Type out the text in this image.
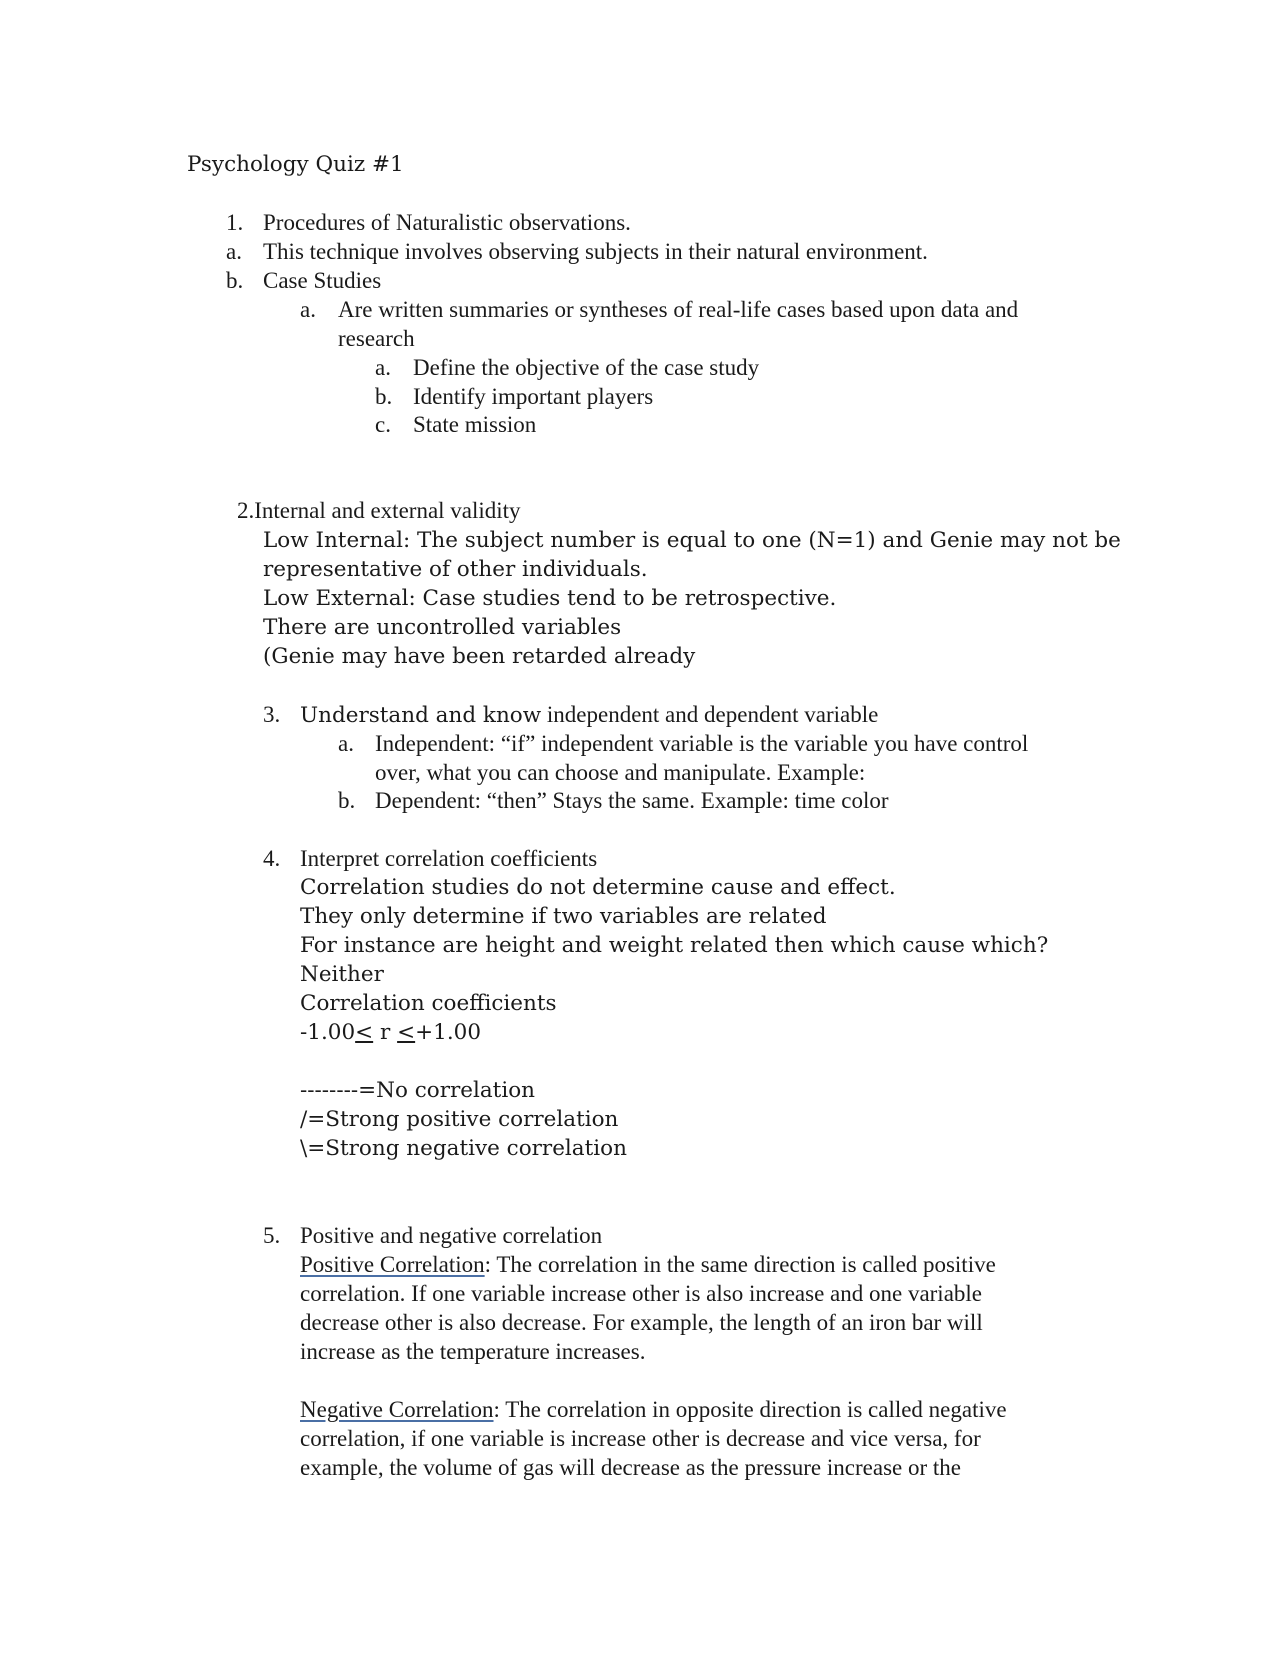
Psychology Quiz #1
1. Procedures of Naturalistic observations.
a. This technique involves observing subjects in their natural environment.
b. Case Studies
a. Are written summaries or syntheses of real-life cases based upon data and
research
a. Define the objective of the case study
b. Identify important players
c. State mission
2.Internal and external validity
Low Internal: The subject number is equal to one (N=1) and Genie may not be
representative of other individuals.
Low External: Case studies tend to be retrospective.
There are uncontrolled variables
(Genie may have been retarded already
3. Understand and know independent and dependent variable
a. Independent: “if” independent variable is the variable you have control
over, what you can choose and manipulate. Example:
b. Dependent: “then” Stays the same. Example: time color
4. Interpret correlation coefficients
Correlation studies do not determine cause and effect.
They only determine if two variables are related
For instance are height and weight related then which cause which?
Neither
Correlation coefficients
-1.00≤ r ≤+1.00
--------=No correlation
/=Strong positive correlation
\=Strong negative correlation
5. Positive and negative correlation
Positive Correlation: The correlation in the same direction is called positive
correlation. If one variable increase other is also increase and one variable
decrease other is also decrease. For example, the length of an iron bar will
increase as the temperature increases.
Negative Correlation: The correlation in opposite direction is called negative
correlation, if one variable is increase other is decrease and vice versa, for
example, the volume of gas will decrease as the pressure increase or the
